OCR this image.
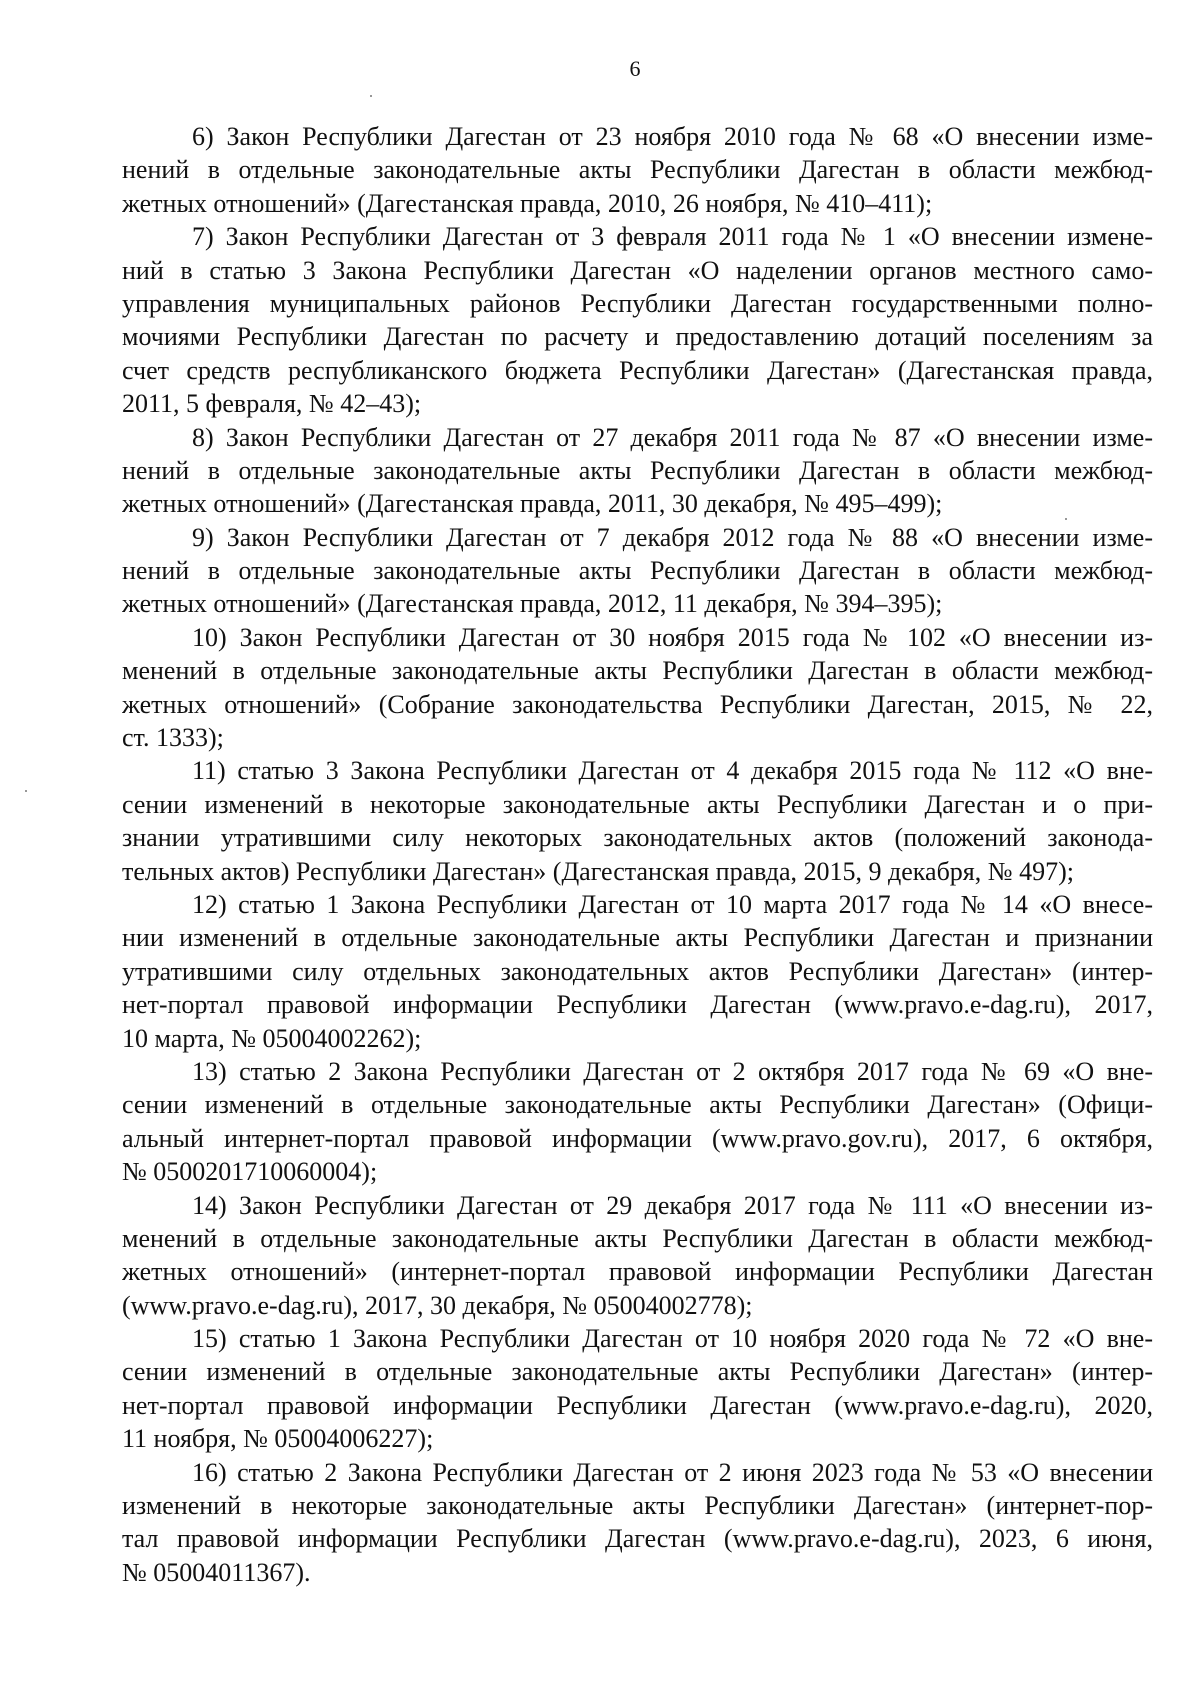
6
6) Закон Республики Дагестан от 23 ноября 2010 года № 68 «О внесении изме-
нений в отдельные законодательные акты Республики Дагестан в области межбюд-
жетных отношений» (Дагестанская правда, 2010, 26 ноября, № 410–411);
7) Закон Республики Дагестан от 3 февраля 2011 года № 1 «О внесении измене-
ний в статью 3 Закона Республики Дагестан «О наделении органов местного само-
управления муниципальных районов Республики Дагестан государственными полно-
мочиями Республики Дагестан по расчету и предоставлению дотаций поселениям за
счет средств республиканского бюджета Республики Дагестан» (Дагестанская правда,
2011, 5 февраля, № 42–43);
8) Закон Республики Дагестан от 27 декабря 2011 года № 87 «О внесении изме-
нений в отдельные законодательные акты Республики Дагестан в области межбюд-
жетных отношений» (Дагестанская правда, 2011, 30 декабря, № 495–499);
9) Закон Республики Дагестан от 7 декабря 2012 года № 88 «О внесении изме-
нений в отдельные законодательные акты Республики Дагестан в области межбюд-
жетных отношений» (Дагестанская правда, 2012, 11 декабря, № 394–395);
10) Закон Республики Дагестан от 30 ноября 2015 года № 102 «О внесении из-
менений в отдельные законодательные акты Республики Дагестан в области межбюд-
жетных отношений» (Собрание законодательства Республики Дагестан, 2015, № 22,
ст. 1333);
11) статью 3 Закона Республики Дагестан от 4 декабря 2015 года № 112 «О вне-
сении изменений в некоторые законодательные акты Республики Дагестан и о при-
знании утратившими силу некоторых законодательных актов (положений законода-
тельных актов) Республики Дагестан» (Дагестанская правда, 2015, 9 декабря, № 497);
12) статью 1 Закона Республики Дагестан от 10 марта 2017 года № 14 «О внесе-
нии изменений в отдельные законодательные акты Республики Дагестан и признании
утратившими силу отдельных законодательных актов Республики Дагестан» (интер-
нет-портал правовой информации Республики Дагестан (www.pravo.e-dag.ru), 2017,
10 марта, № 05004002262);
13) статью 2 Закона Республики Дагестан от 2 октября 2017 года № 69 «О вне-
сении изменений в отдельные законодательные акты Республики Дагестан» (Офици-
альный интернет-портал правовой информации (www.pravo.gov.ru), 2017, 6 октября,
№ 0500201710060004);
14) Закон Республики Дагестан от 29 декабря 2017 года № 111 «О внесении из-
менений в отдельные законодательные акты Республики Дагестан в области межбюд-
жетных отношений» (интернет-портал правовой информации Республики Дагестан
(www.pravo.e-dag.ru), 2017, 30 декабря, № 05004002778);
15) статью 1 Закона Республики Дагестан от 10 ноября 2020 года № 72 «О вне-
сении изменений в отдельные законодательные акты Республики Дагестан» (интер-
нет-портал правовой информации Республики Дагестан (www.pravo.e-dag.ru), 2020,
11 ноября, № 05004006227);
16) статью 2 Закона Республики Дагестан от 2 июня 2023 года № 53 «О внесении
изменений в некоторые законодательные акты Республики Дагестан» (интернет-пор-
тал правовой информации Республики Дагестан (www.pravo.e-dag.ru), 2023, 6 июня,
№ 05004011367).
